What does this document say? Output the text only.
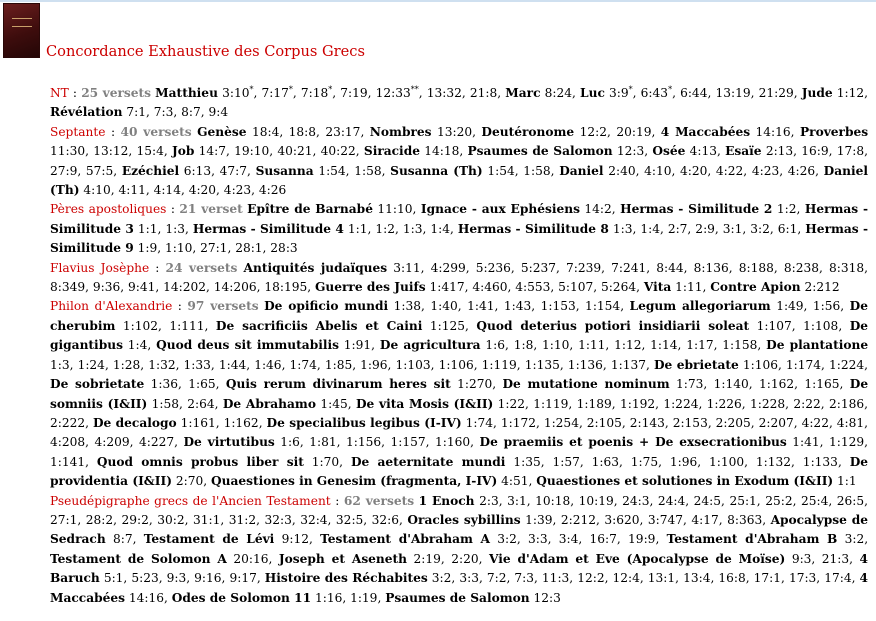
Concordance Exhaustive des Corpus Grecs

NT : 25 versets Matthieu 3:10*, 7:17*, 7:18*, 7:19, 12:33**, 13:32, 21:8, Marc 8:24, Luc 3:9*, 6:43*, 6:44, 13:19, 21:29, Jude 1:12, Révélation 7:1, 7:3, 8:7, 9:4

Septante : 40 versets Genèse 18:4, 18:8, 23:17, Nombres 13:20, Deutéronome 12:2, 20:19, 4 Maccabées 14:16, Proverbes 11:30, 13:12, 15:4, Job 14:7, 19:10, 40:21, 40:22, Siracide 14:18, Psaumes de Salomon 12:3, Osée 4:13, Esaïe 2:13, 16:9, 17:8, 27:9, 57:5, Ezéchiel 6:13, 47:7, Susanna 1:54, 1:58, Susanna (Th) 1:54, 1:58, Daniel 2:40, 4:10, 4:20, 4:22, 4:23, 4:26, Daniel (Th) 4:10, 4:11, 4:14, 4:20, 4:23, 4:26

Pères apostoliques : 21 verset Epître de Barnabé 11:10, Ignace - aux Ephésiens 14:2, Hermas - Similitude 2 1:2, Hermas - Similitude 3 1:1, 1:3, Hermas - Similitude 4 1:1, 1:2, 1:3, 1:4, Hermas - Similitude 8 1:3, 1:4, 2:7, 2:9, 3:1, 3:2, 6:1, Hermas - Similitude 9 1:9, 1:10, 27:1, 28:1, 28:3

Flavius Josèphe : 24 versets Antiquités judaïques 3:11, 4:299, 5:236, 5:237, 7:239, 7:241, 8:44, 8:136, 8:188, 8:238, 8:318, 8:349, 9:36, 9:41, 14:202, 14:206, 18:195, Guerre des Juifs 1:417, 4:460, 4:553, 5:107, 5:264, Vita 1:11, Contre Apion 2:212

Philon d'Alexandrie : 97 versets De opificio mundi 1:38, 1:40, 1:41, 1:43, 1:153, 1:154, Legum allegoriarum 1:49, 1:56, De cherubim 1:102, 1:111, De sacrificiis Abelis et Caini 1:125, Quod deterius potiori insidiarii soleat 1:107, 1:108, De gigantibus 1:4, Quod deus sit immutabilis 1:91, De agricultura 1:6, 1:8, 1:10, 1:11, 1:12, 1:14, 1:17, 1:158, De plantatione 1:3, 1:24, 1:28, 1:32, 1:33, 1:44, 1:46, 1:74, 1:85, 1:96, 1:103, 1:106, 1:119, 1:135, 1:136, 1:137, De ebrietate 1:106, 1:174, 1:224, De sobrietate 1:36, 1:65, Quis rerum divinarum heres sit 1:270, De mutatione nominum 1:73, 1:140, 1:162, 1:165, De somniis (I&II) 1:58, 2:64, De Abrahamo 1:45, De vita Mosis (I&II) 1:22, 1:119, 1:189, 1:192, 1:224, 1:226, 1:228, 2:22, 2:186, 2:222, De decalogo 1:161, 1:162, De specialibus legibus (I-IV) 1:74, 1:172, 1:254, 2:105, 2:143, 2:153, 2:205, 2:207, 4:22, 4:81, 4:208, 4:209, 4:227, De virtutibus 1:6, 1:81, 1:156, 1:157, 1:160, De praemiis et poenis + De exsecrationibus 1:41, 1:129, 1:141, Quod omnis probus liber sit 1:70, De aeternitate mundi 1:35, 1:57, 1:63, 1:75, 1:96, 1:100, 1:132, 1:133, De providentia (I&II) 2:70, Quaestiones in Genesim (fragmenta, I-IV) 4:51, Quaestiones et solutiones in Exodum (I&II) 1:1

Pseudépigraphe grecs de l'Ancien Testament : 62 versets 1 Enoch 2:3, 3:1, 10:18, 10:19, 24:3, 24:4, 24:5, 25:1, 25:2, 25:4, 26:5, 27:1, 28:2, 29:2, 30:2, 31:1, 31:2, 32:3, 32:4, 32:5, 32:6, Oracles sybillins 1:39, 2:212, 3:620, 3:747, 4:17, 8:363, Apocalypse de Sedrach 8:7, Testament de Lévi 9:12, Testament d'Abraham A 3:2, 3:3, 3:4, 16:7, 19:9, Testament d'Abraham B 3:2, Testament de Solomon A 20:16, Joseph et Aseneth 2:19, 2:20, Vie d'Adam et Eve (Apocalypse de Moïse) 9:3, 21:3, 4 Baruch 5:1, 5:23, 9:3, 9:16, 9:17, Histoire des Réchabites 3:2, 3:3, 7:2, 7:3, 11:3, 12:2, 12:4, 13:1, 13:4, 16:8, 17:1, 17:3, 17:4, 4 Maccabées 14:16, Odes de Solomon 11 1:16, 1:19, Psaumes de Salomon 12:3
